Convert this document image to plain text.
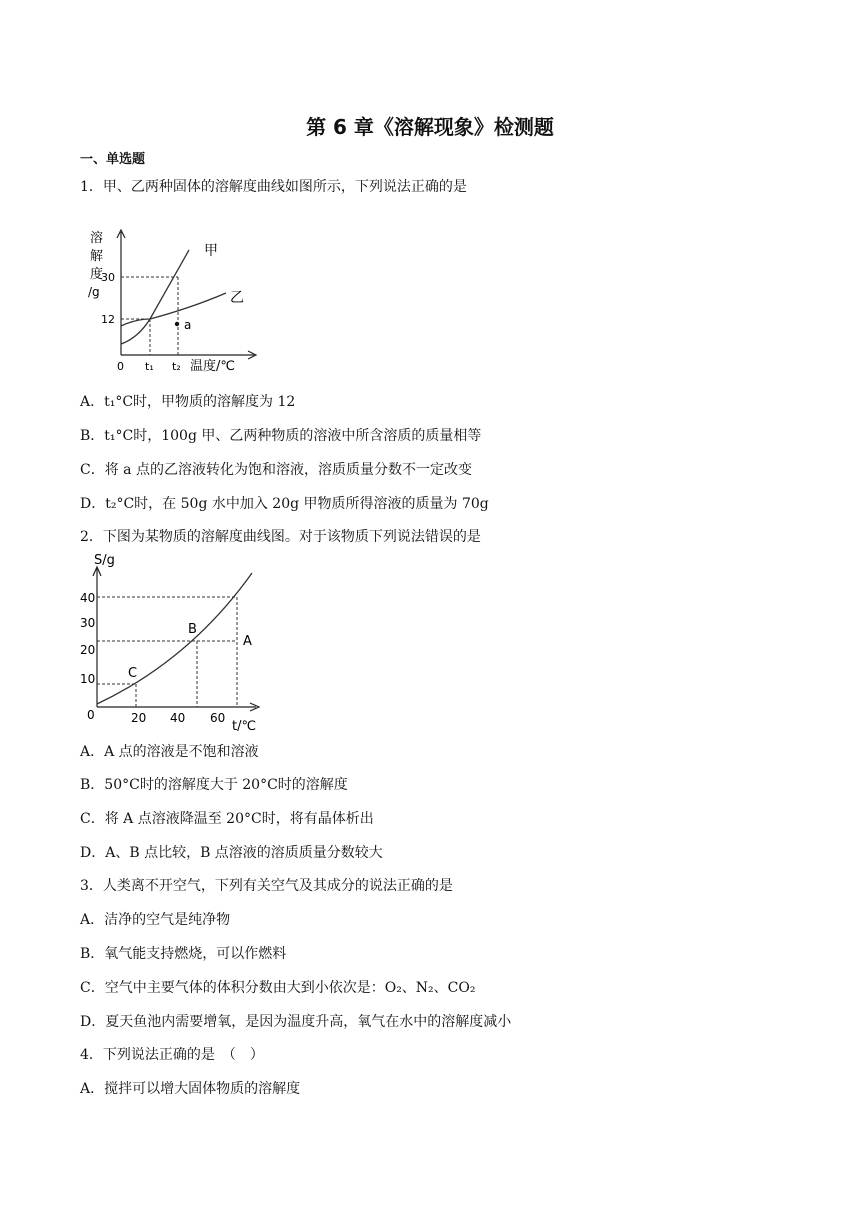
第 6 章《溶解现象》检测题
一、单选题
1．甲、乙两种固体的溶解度曲线如图所示，下列说法正确的是
溶
解
度
/g
30
12
0 t₁ t₂ 温度/℃
甲
乙
a
A．t₁°C时，甲物质的溶解度为 12
B．t₁°C时，100g 甲、乙两种物质的溶液中所含溶质的质量相等
C．将 a 点的乙溶液转化为饱和溶液，溶质质量分数不一定改变
D．t₂°C时，在 50g 水中加入 20g 甲物质所得溶液的质量为 70g
2．下图为某物质的溶解度曲线图。对于该物质下列说法错误的是
S/g
40
30
20
10
0	20 40 60
t/℃
A
B
C
A．A 点的溶液是不饱和溶液
B．50°C时的溶解度大于 20°C时的溶解度
C．将 A 点溶液降温至 20°C时，将有晶体析出
D．A、B 点比较，B 点溶液的溶质质量分数较大
3．人类离不开空气，下列有关空气及其成分的说法正确的是
A．洁净的空气是纯净物
B．氧气能支持燃烧，可以作燃料
C．空气中主要气体的体积分数由大到小依次是：O₂、N₂、CO₂
D．夏天鱼池内需要增氧，是因为温度升高，氧气在水中的溶解度减小
4．下列说法正确的是　（　）
A．搅拌可以增大固体物质的溶解度
